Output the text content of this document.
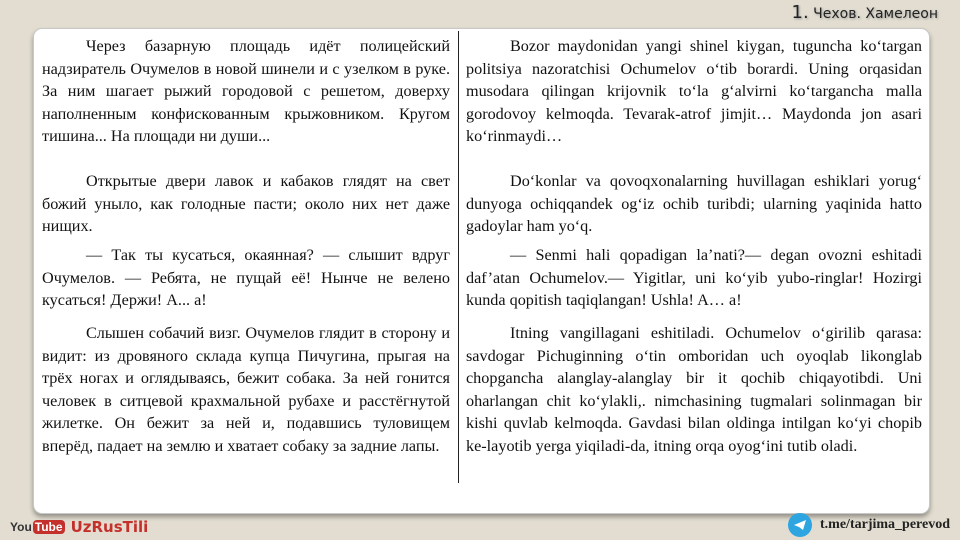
1. Чехов. Хамелеон

Через базарную площадь идёт полицейский надзиратель Очумелов в новой шинели и с узелком в руке. За ним шагает рыжий городовой с решетом, доверху наполненным конфискованным крыжовником. Кругом тишина... На площади ни души...

Открытые двери лавок и кабаков глядят на свет божий уныло, как голодные пасти; около них нет даже нищих.

— Так ты кусаться, окаянная? — слышит вдруг Очумелов. — Ребята, не пущай её! Нынче не велено кусаться! Держи! А... а!

Слышен собачий визг. Очумелов глядит в сторону и видит: из дровяного склада купца Пичугина, прыгая на трёх ногах и оглядываясь, бежит собака. За ней гонится человек в ситцевой крахмальной рубахе и расстёгнутой жилетке. Он бежит за ней и, подавшись туловищем вперёд, падает на землю и хватает собаку за задние лапы.

Bozor maydonidan yangi shinel kiygan, tuguncha ko‘targan politsiya nazoratchisi Ochumelov o‘tib borardi. Uning orqasidan musodara qilingan krijovnik to‘la g‘alvirni ko‘targancha malla gorodovoy kelmoqda. Tevarak-atrof jimjit… Maydonda jon asari ko‘rinmaydi…

Do‘konlar va qovoqxonalarning huvillagan eshiklari yorug‘ dunyoga ochiqqandek og‘iz ochib turibdi; ularning yaqinida hatto gadoylar ham yo‘q.

— Senmi hali qopadigan la’nati?— degan ovozni eshitadi daf’atan Ochumelov.— Yigitlar, uni ko‘yib yubo-ringlar! Hozirgi kunda qopitish taqiqlangan! Ushla! A… a!

Itning vangillagani eshitiladi. Ochumelov o‘girilib qarasa: savdogar Pichuginning o‘tin omboridan uch oyoqlab likonglab chopgancha alanglay-alanglay bir it qochib chiqayotibdi. Uni oharlangan chit ko‘ylakli,. nimchasining tugmalari solinmagan bir kishi quvlab kelmoqda. Gavdasi bilan oldinga intilgan ko‘yi chopib ke-layotib yerga yiqiladi-da, itning orqa oyog‘ini tutib oladi.

You Tube UzRusTili	t.me/tarjima_perevod
